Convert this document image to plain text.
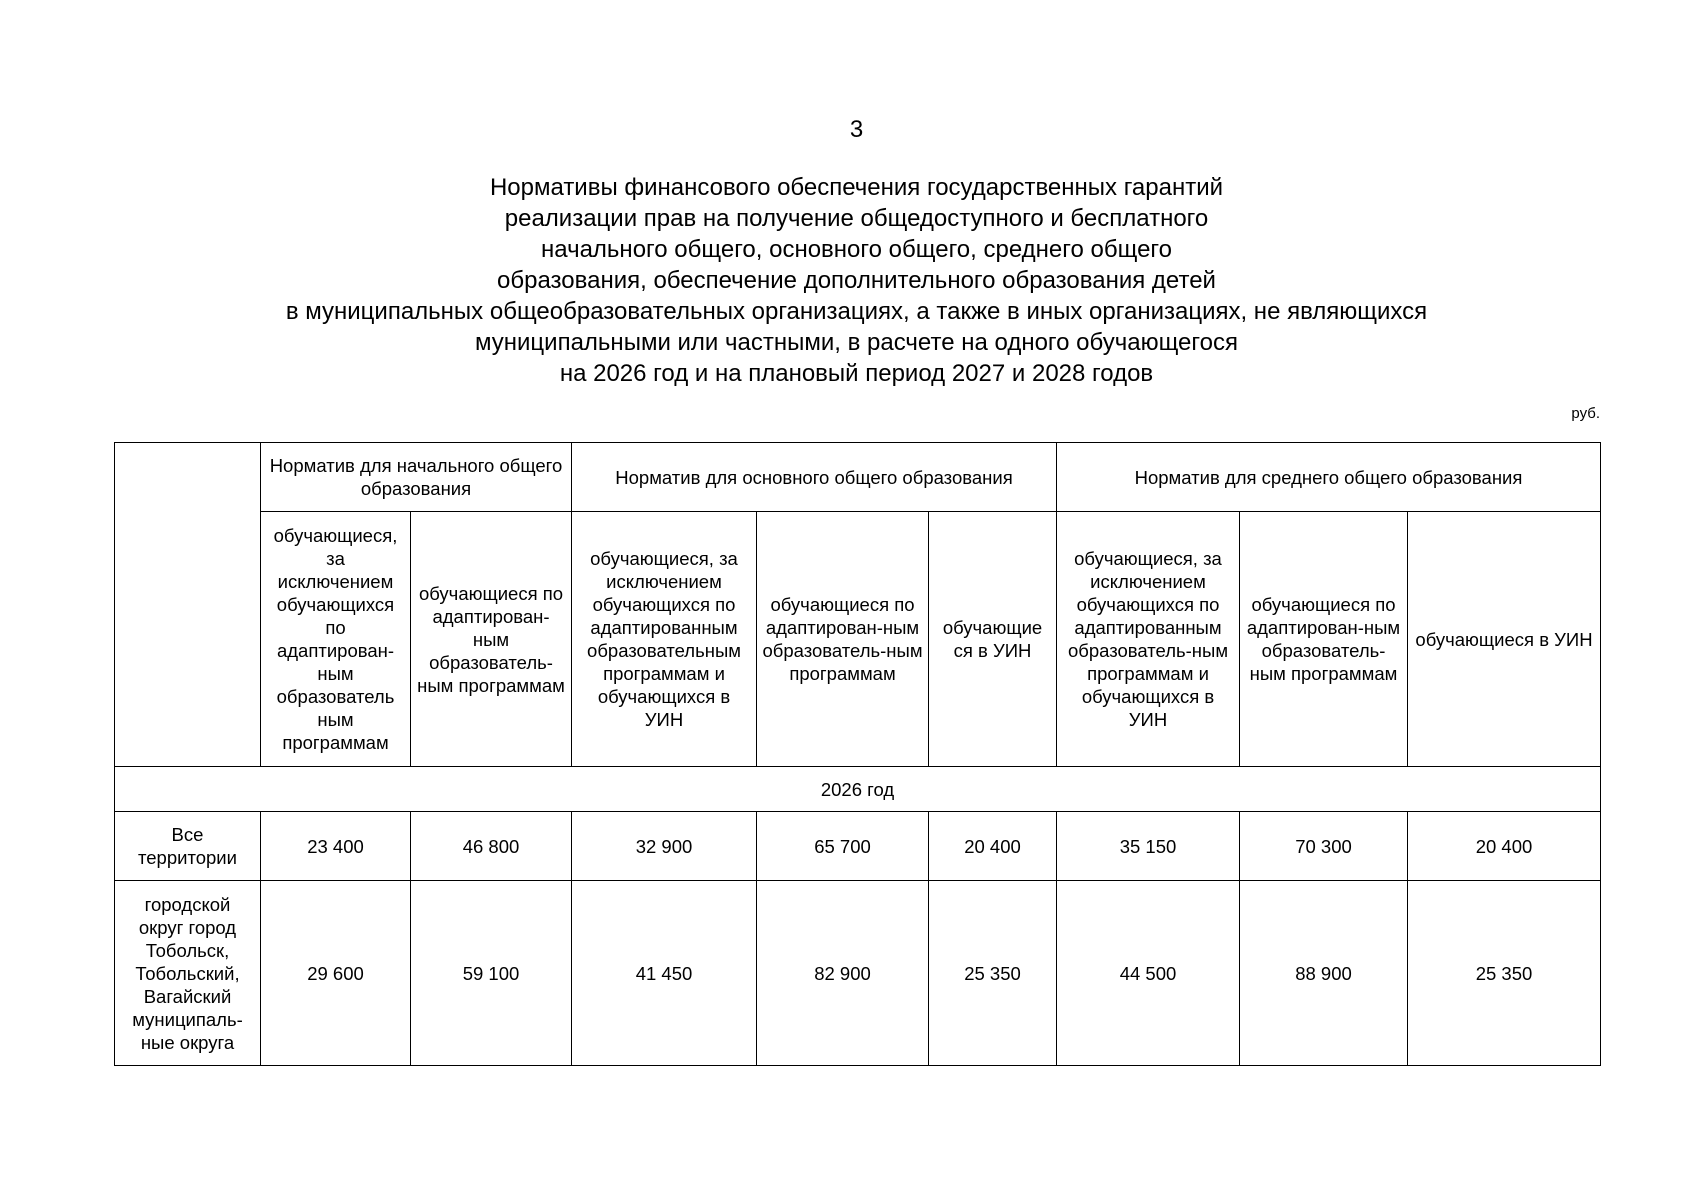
3
Нормативы финансового обеспечения государственных гарантий
реализации прав на получение общедоступного и бесплатного
начального общего, основного общего, среднего общего
образования, обеспечение дополнительного образования детей
в муниципальных общеобразовательных организациях, а также в иных организациях, не являющихся
муниципальными или частными, в расчете на одного обучающегося
на 2026 год и на плановый период 2027 и 2028 годов
руб.
	Норматив для начального общего образования		Норматив для основного общего образования			Норматив для среднего общего образования		
	обучающиеся, за исключением обучающихся по адаптирован-ным образователь ным программам	обучающиеся по адаптирован-ным образователь-ным программам	обучающиеся, за исключением обучающихся по адаптированным образовательным программам и обучающихся в УИН	обучающиеся по адаптирован-ным образователь-ным программам	обучающие ся в УИН	обучающиеся, за исключением обучающихся по адаптированным образователь-ным программам и обучающихся в УИН	обучающиеся по адаптирован-ным образователь-ным программам	обучающиеся в УИН
2026 год								
Все территории	23 400	46 800	32 900	65 700	20 400	35 150	70 300	20 400
городской округ город Тобольск, Тобольский, Вагайский муниципаль-ные округа	29 600	59 100	41 450	82 900	25 350	44 500	88 900	25 350
